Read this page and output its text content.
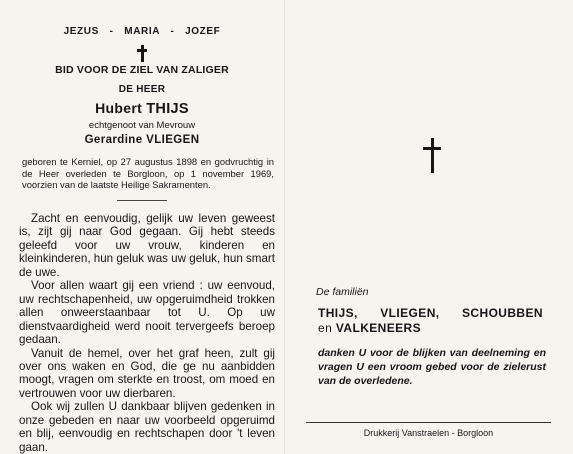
JEZUS  -  MARIA  -  JOZEF
BID VOOR DE ZIEL VAN ZALIGER
DE HEER
Hubert THIJS
echtgenoot van Mevrouw
Gerardine VLIEGEN
geboren te Kerniel, op 27 augustus 1898 en godvruchtig in de Heer overleden te Borgloon, op 1 november 1969, voorzien van de laatste Heilige Sakramenten.

Zacht en eenvoudig, gelijk uw leven geweest is, zijt gij naar God gegaan. Gij hebt steeds geleefd voor uw vrouw, kinderen en kleinkinderen, hun geluk was uw geluk, hun smart de uwe.

Voor allen waart gij een vriend : uw eenvoud, uw rechtschapenheid, uw opgeruimdheid trokken allen onweerstaanbaar tot U. Op uw dienstvaardigheid werd nooit tervergeefs beroep gedaan.

Vanuit de hemel, over het graf heen, zult gij over ons waken en God, die ge nu aanbidden moogt, vragen om sterkte en troost, om moed en vertrouwen voor uw dierbaren.

Ook wij zullen U dankbaar blijven gedenken in onze gebeden en naar uw voorbeeld opgeruimd en blij, eenvoudig en rechtschapen door 't leven gaan.

De familiën
THIJS, VLIEGEN, SCHOUBBEN
en VALKENEERS
danken U voor de blijken van deelneming en vragen U een vroom gebed voor de zielerust van de overledene.
Drukkerij Vanstraelen - Borgloon
